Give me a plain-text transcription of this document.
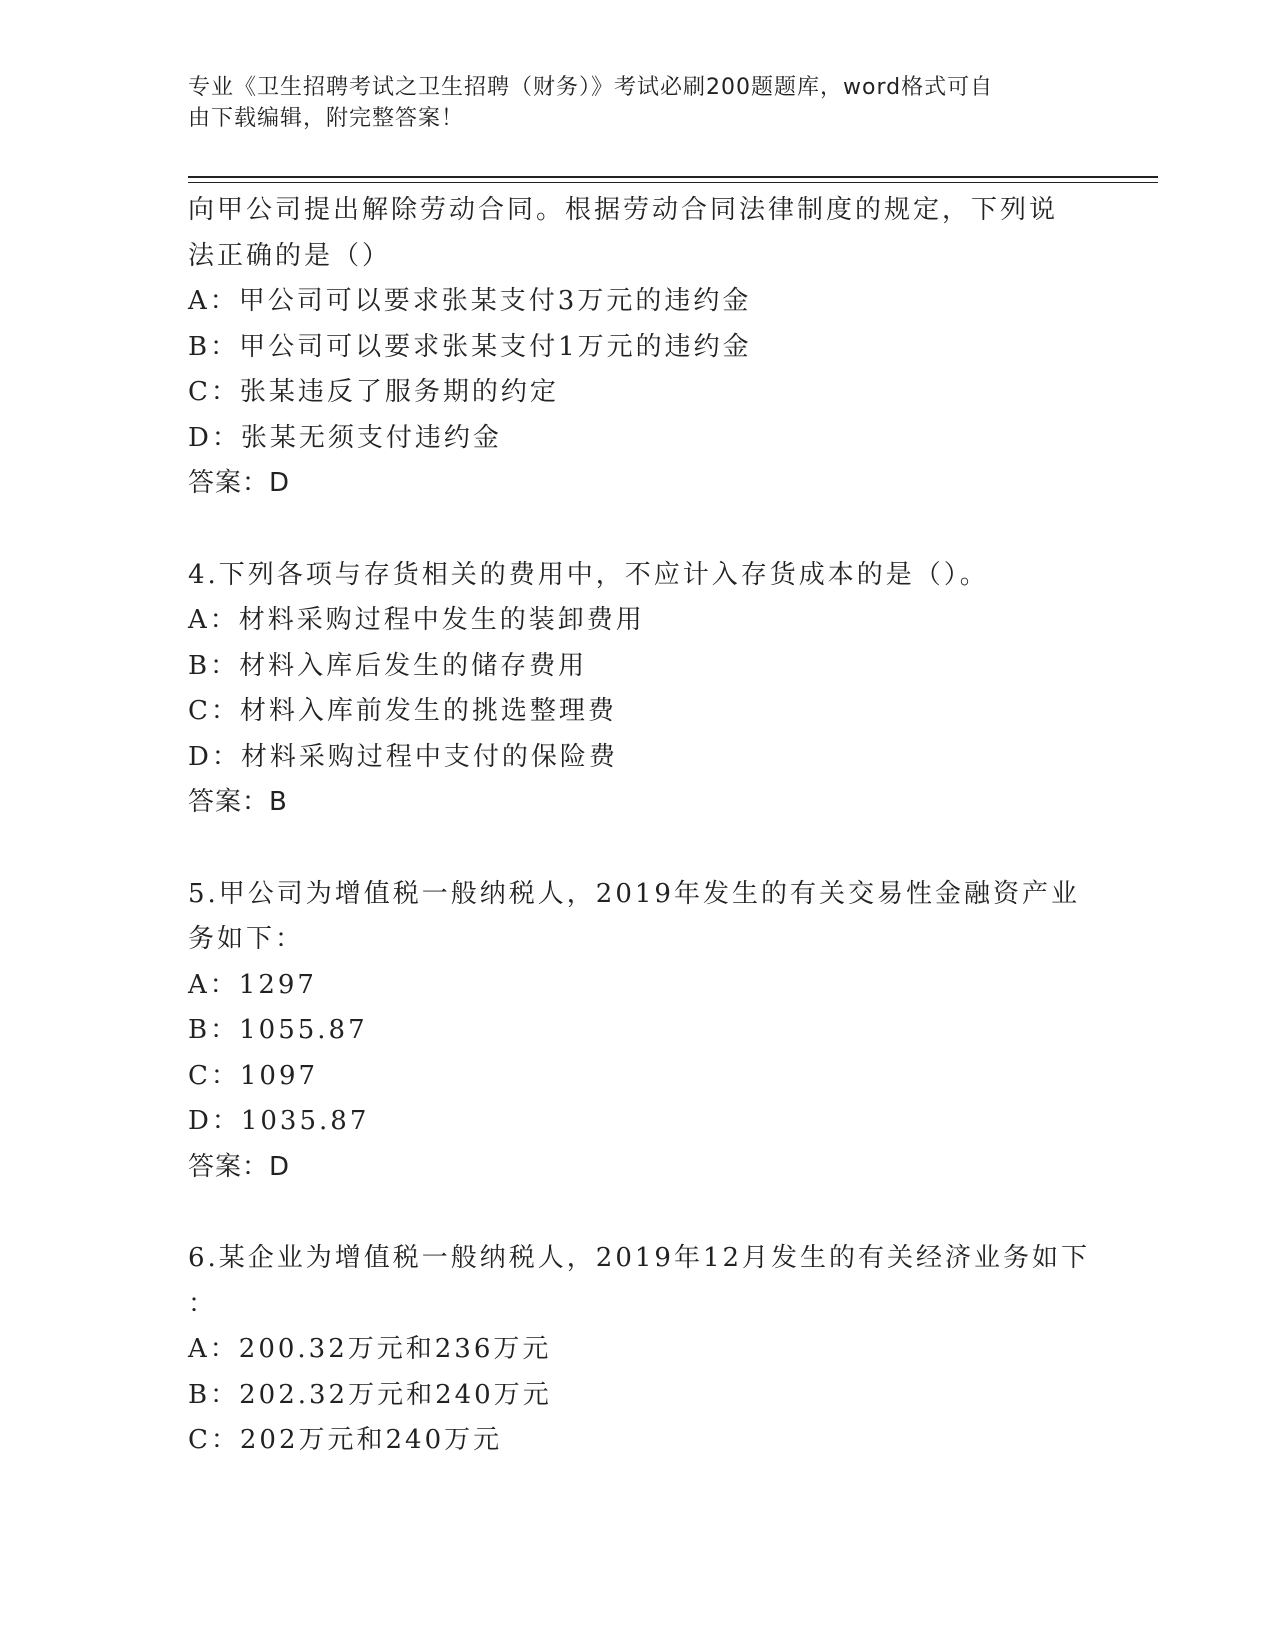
专业《卫生招聘考试之卫生招聘（财务）》考试必刷200题题库，word格式可自
由下载编辑，附完整答案！
向甲公司提出解除劳动合同。根据劳动合同法律制度的规定，下列说
法正确的是（）
A：甲公司可以要求张某支付3万元的违约金
B：甲公司可以要求张某支付1万元的违约金
C：张某违反了服务期的约定
D：张某无须支付违约金
答案：D
4.下列各项与存货相关的费用中，不应计入存货成本的是（）。
A：材料采购过程中发生的装卸费用
B：材料入库后发生的储存费用
C：材料入库前发生的挑选整理费
D：材料采购过程中支付的保险费
答案：B
5.甲公司为增值税一般纳税人，2019年发生的有关交易性金融资产业
务如下：
A：1297
B：1055.87
C：1097
D：1035.87
答案：D
6.某企业为增值税一般纳税人，2019年12月发生的有关经济业务如下
：
A：200.32万元和236万元
B：202.32万元和240万元
C：202万元和240万元
